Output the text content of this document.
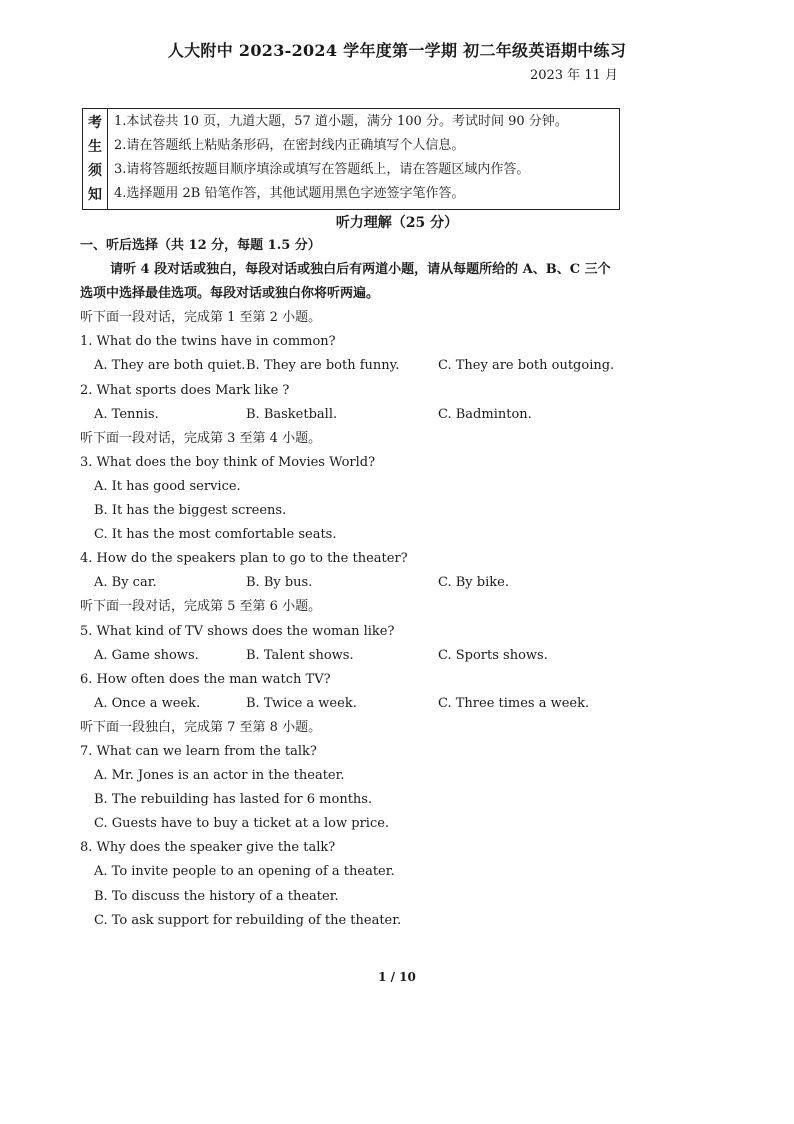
人大附中 2023-2024 学年度第一学期 初二年级英语期中练习
2023 年 11 月
考
生
须
知

1.本试卷共 10 页，九道大题，57 道小题，满分 100 分。考试时间 90 分钟。
2.请在答题纸上粘贴条形码，在密封线内正确填写个人信息。
3.请将答题纸按题目顺序填涂或填写在答题纸上，请在答题区域内作答。
4.选择题用 2B 铅笔作答，其他试题用黑色字迹签字笔作答。
听力理解（25 分）
一、听后选择（共 12 分，每题 1.5 分）
请听 4 段对话或独白，每段对话或独白后有两道小题，请从每题所给的 A、B、C 三个
选项中选择最佳选项。每段对话或独白你将听两遍。
听下面一段对话，完成第 1 至第 2 小题。
1. What do the twins have in common?
A. They are both quiet. B. They are both funny.	C. They are both outgoing.
2. What sports does Mark like ?
A. Tennis.	B. Basketball.	C. Badminton.
听下面一段对话，完成第 3 至第 4 小题。
3. What does the boy think of Movies World?
A. It has good service.
B. It has the biggest screens.
C. It has the most comfortable seats.
4. How do the speakers plan to go to the theater?
A. By car.	B. By bus.	C. By bike.
听下面一段对话，完成第 5 至第 6 小题。
5. What kind of TV shows does the woman like?
A. Game shows.	B. Talent shows.	C. Sports shows.
6. How often does the man watch TV?
A. Once a week.	B. Twice a week.	C. Three times a week.
听下面一段独白，完成第 7 至第 8 小题。
7. What can we learn from the talk?
A. Mr. Jones is an actor in the theater.
B. The rebuilding has lasted for 6 months.
C. Guests have to buy a ticket at a low price.
8. Why does the speaker give the talk?
A. To invite people to an opening of a theater.
B. To discuss the history of a theater.
C. To ask support for rebuilding of the theater.
1 / 10
